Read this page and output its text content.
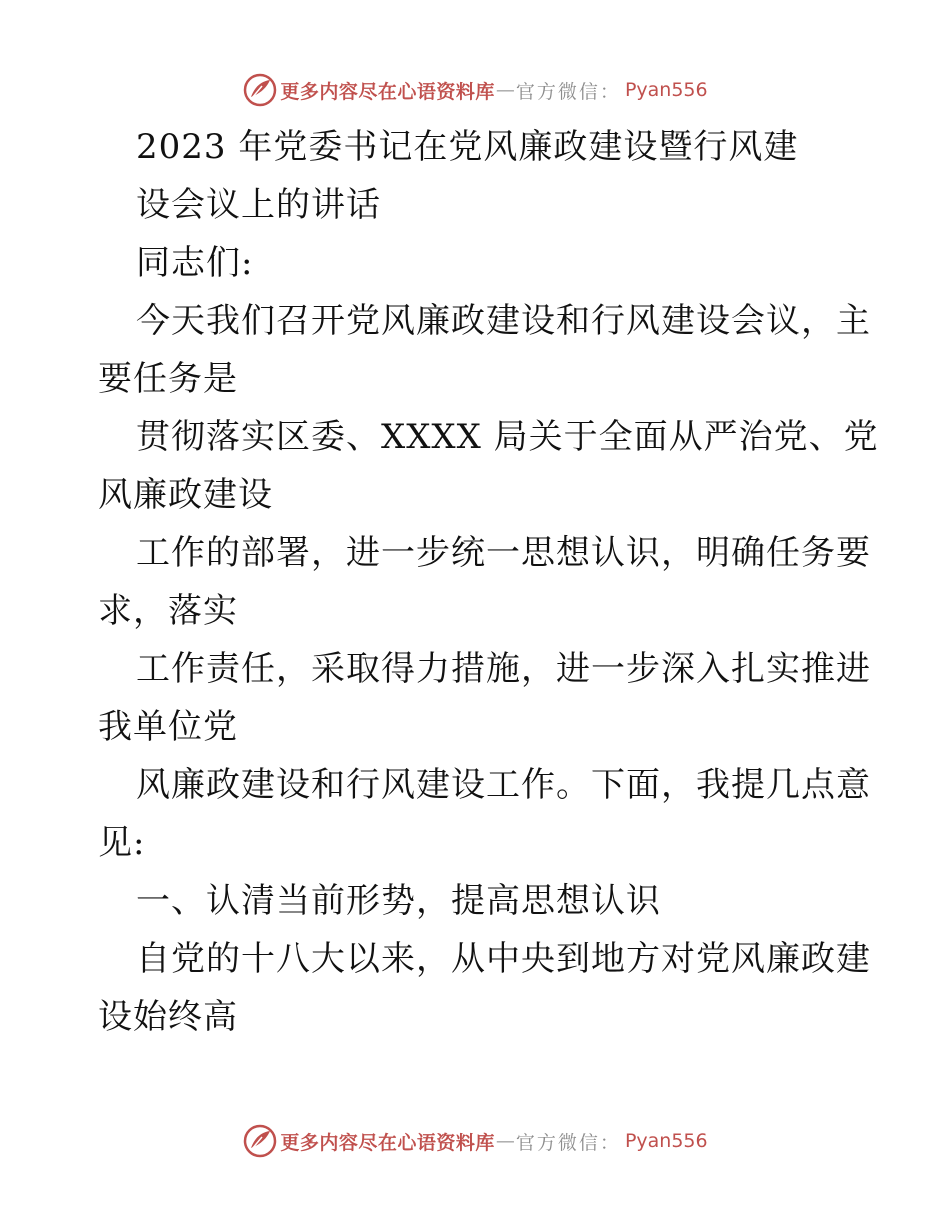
更多内容尽在心语资料库 — 官方微信： Pyan556
2023 年党委书记在党风廉政建设暨行风建
设会议上的讲话
同志们:
今天我们召开党风廉政建设和行风建设会议，主
要任务是
贯彻落实区委、XXXX 局关于全面从严治党、党
风廉政建设
工作的部署，进一步统一思想认识，明确任务要
求，落实
工作责任，采取得力措施，进一步深入扎实推进
我单位党
风廉政建设和行风建设工作。下面，我提几点意
见:
一、认清当前形势，提高思想认识
自党的十八大以来，从中央到地方对党风廉政建
设始终高
更多内容尽在心语资料库 — 官方微信： Pyan556
